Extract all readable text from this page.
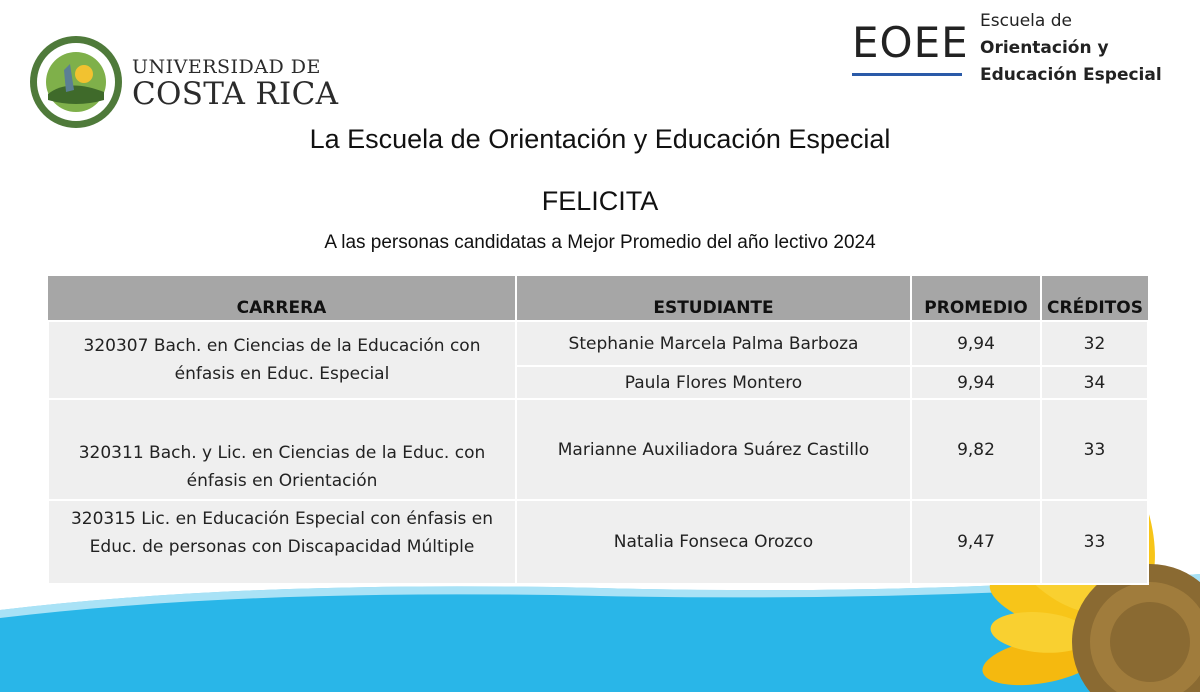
UNIVERSIDAD DE
COSTA RICA
EOEE Escuela de
Orientación y
Educación Especial
La Escuela de Orientación y Educación Especial
FELICITA
A las personas candidatas a Mejor Promedio del año lectivo 2024
CARRERA	ESTUDIANTE	PROMEDIO	CRÉDITOS
320307 Bach. en Ciencias de la Educación con énfasis en Educ. Especial	Stephanie Marcela Palma Barboza	9,94	32
	Paula Flores Montero	9,94	34
320311 Bach. y Lic. en Ciencias de la Educ. con énfasis en Orientación	Marianne Auxiliadora Suárez Castillo	9,82	33
320315 Lic. en Educación Especial con énfasis en Educ. de personas con Discapacidad Múltiple	Natalia Fonseca Orozco	9,47	33
